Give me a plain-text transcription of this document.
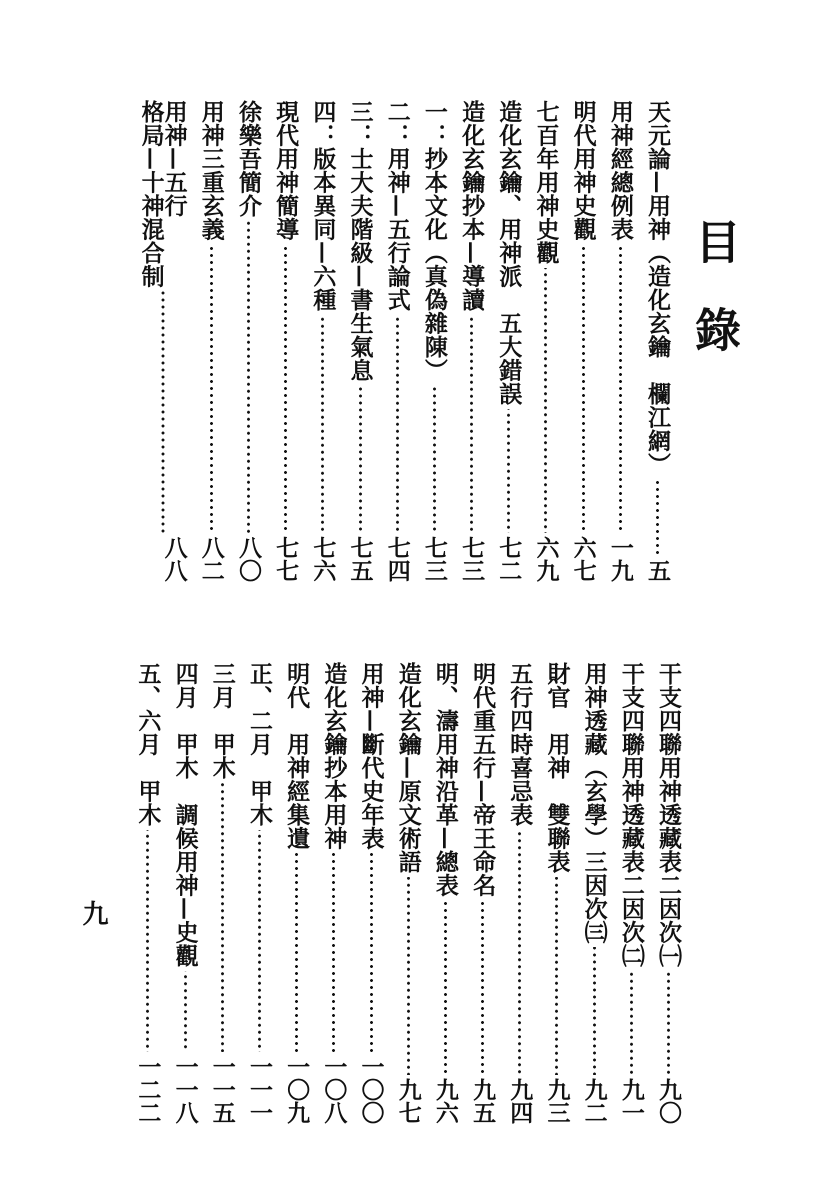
目錄
天元論—用神（造化玄鑰　欄江網）
五
用神經總例表
一九
明代用神史觀
六七
七百年用神史觀
六九
造化玄鑰、用神派　五大錯誤
七二
造化玄鑰抄本—導讀
七三
一：抄本文化（真偽雜陳）
七三
二：用神—五行論式
七四
三：士大夫階級—書生氣息
七五
四：版本異同—六種
七六
現代用神簡導
七七
徐樂吾簡介
八〇
用神三重玄義
八二
用神—五行
格局—十神混合制
八八
干支四聯用神透藏表二因次㈠
九〇
干支四聯用神透藏表二因次㈡
九一
用神透藏（玄學）三因次㈢
九二
財官　用神　雙聯表
九三
五行四時喜忌表
九四
明代重五行—帝王命名
九五
明、濤用神沿革—總表
九六
造化玄鑰—原文術語
九七
用神—斷代史年表
一〇〇
造化玄鑰抄本用神
一〇八
明代　用神經集遺
一〇九
正、二月　甲木
一一一
三月　甲木
一一五
四月　甲木　調候用神—史觀
一一八
五、六月　甲木
一二二
九
